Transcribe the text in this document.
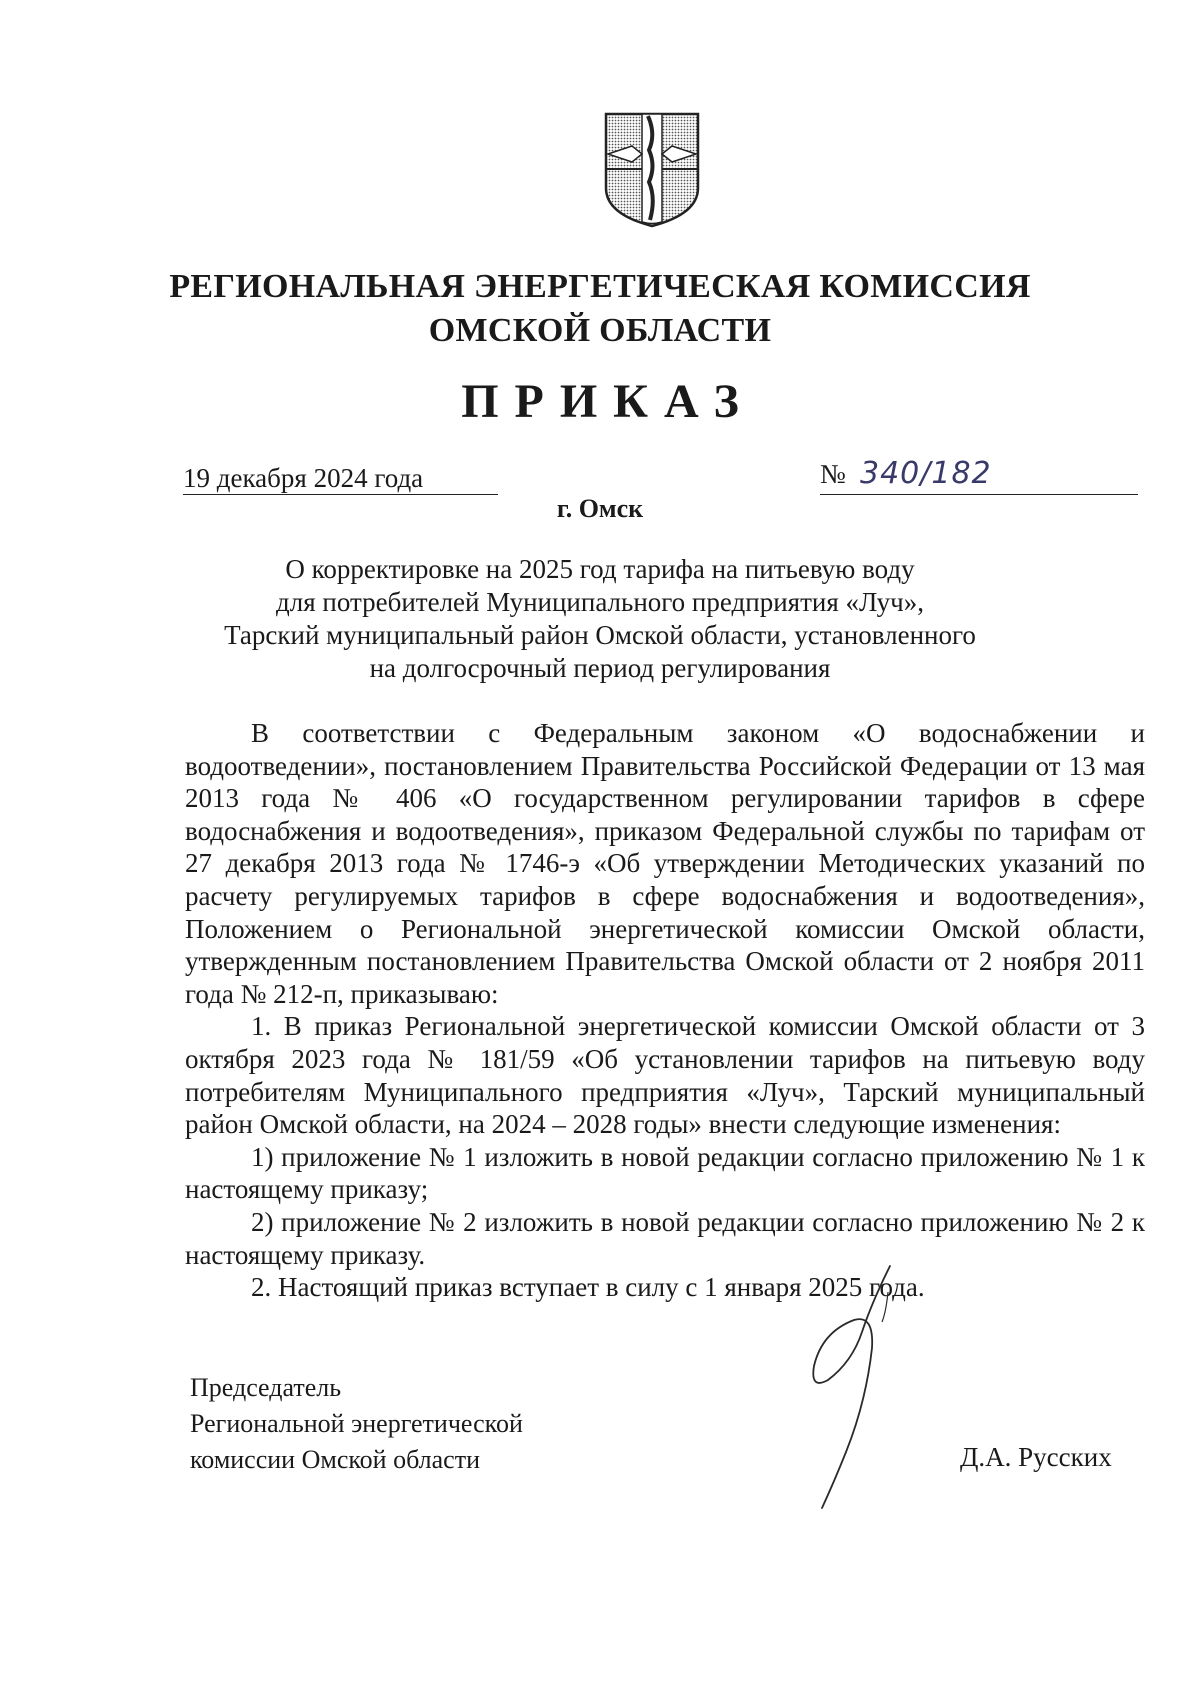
РЕГИОНАЛЬНАЯ ЭНЕРГЕТИЧЕСКАЯ КОМИССИЯ
ОМСКОЙ ОБЛАСТИ
ПРИКАЗ
19 декабря 2024 года	№ 340/182
г. Омск
О корректировке на 2025 год тарифа на питьевую воду
для потребителей Муниципального предприятия «Луч»,
Тарский муниципальный район Омской области, установленного
на долгосрочный период регулирования

В соответствии с Федеральным законом «О водоснабжении и водоотведении», постановлением Правительства Российской Федерации от 13 мая 2013 года № 406 «О государственном регулировании тарифов в сфере водоснабжения и водоотведения», приказом Федеральной службы по тарифам от 27 декабря 2013 года № 1746-э «Об утверждении Методических указаний по расчету регулируемых тарифов в сфере водоснабжения и водоотведения», Положением о Региональной энергетической комиссии Омской области, утвержденным постановлением Правительства Омской области от 2 ноября 2011 года № 212-п, приказываю:

1. В приказ Региональной энергетической комиссии Омской области от 3 октября 2023 года № 181/59 «Об установлении тарифов на питьевую воду потребителям Муниципального предприятия «Луч», Тарский муниципальный район Омской области, на 2024 – 2028 годы» внести следующие изменения:

1) приложение № 1 изложить в новой редакции согласно приложению № 1 к настоящему приказу;

2) приложение № 2 изложить в новой редакции согласно приложению № 2 к настоящему приказу.

2. Настоящий приказ вступает в силу с 1 января 2025 года.

Председатель
Региональной энергетической
комиссии Омской области	Д.А. Русских
